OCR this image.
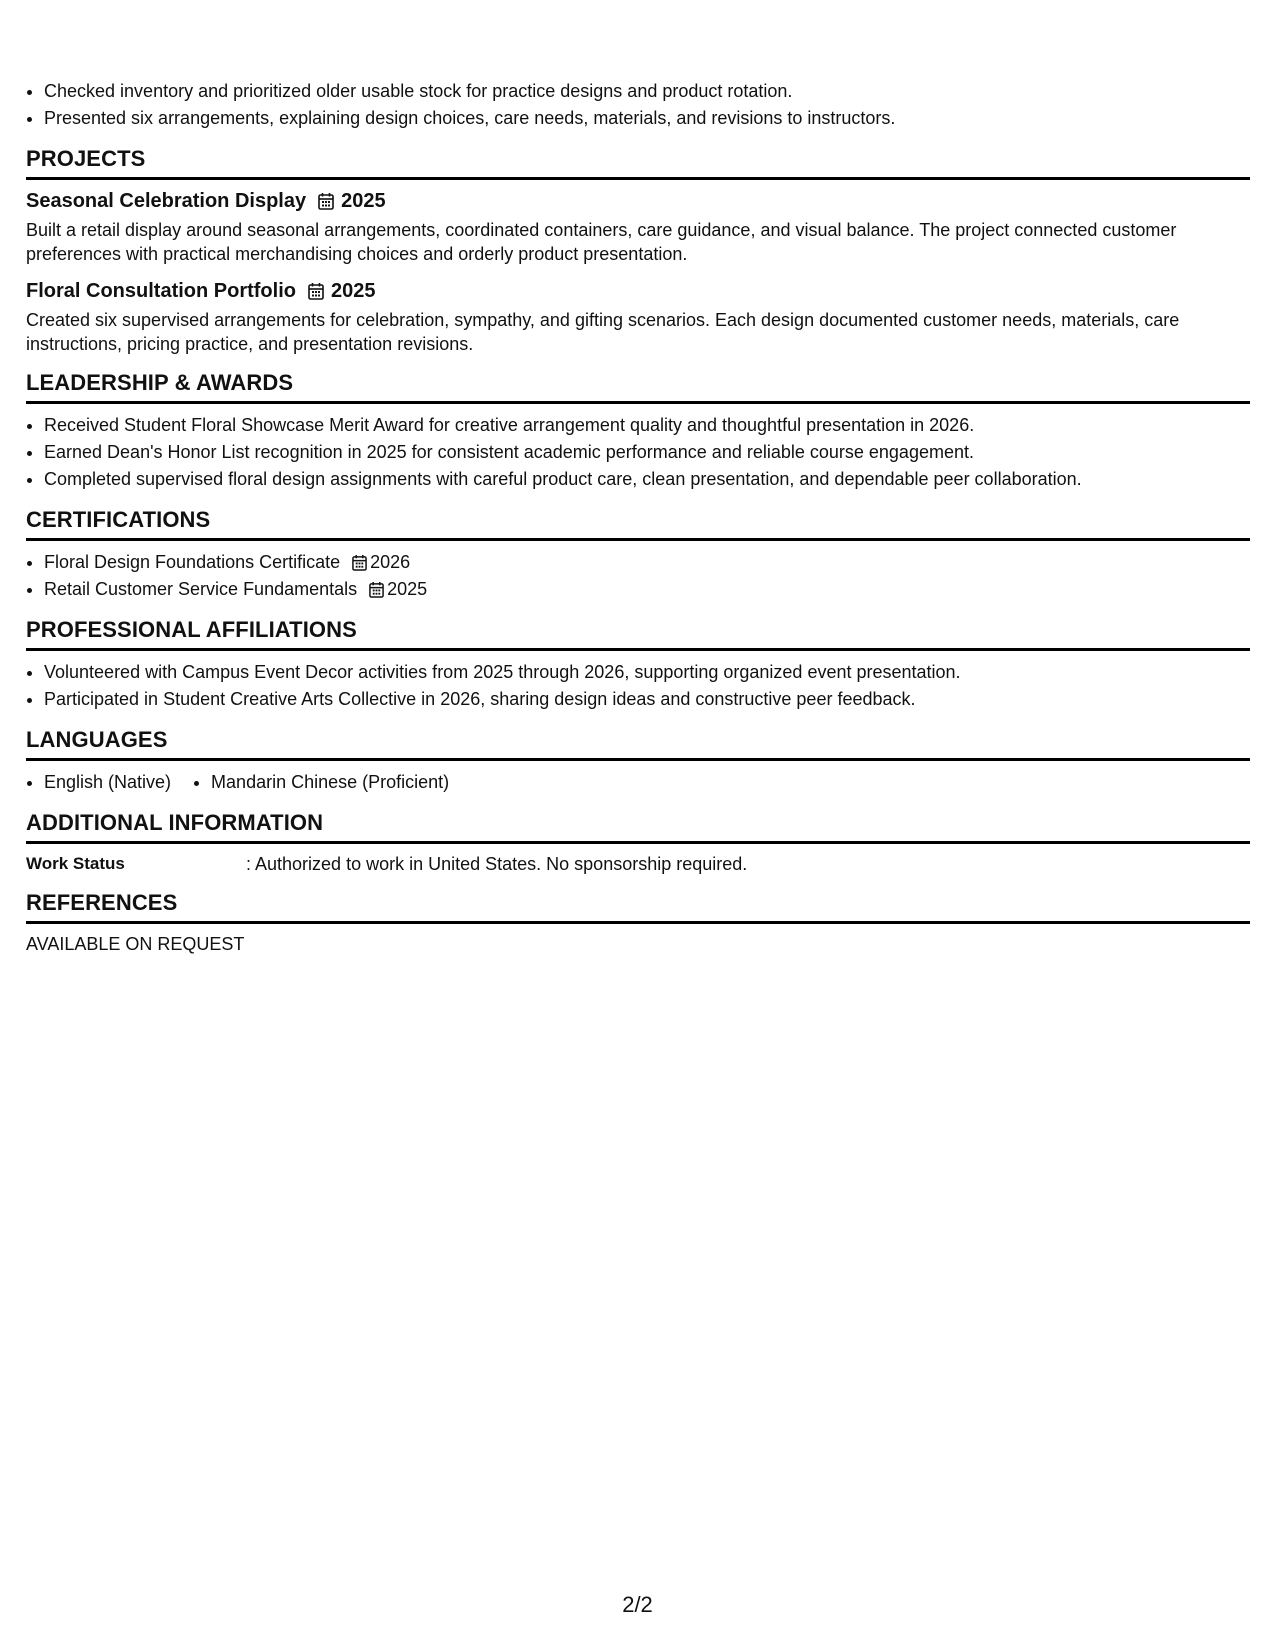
• Checked inventory and prioritized older usable stock for practice designs and product rotation.
• Presented six arrangements, explaining design choices, care needs, materials, and revisions to instructors.
PROJECTS
Seasonal Celebration Display 2025
Built a retail display around seasonal arrangements, coordinated containers, care guidance, and visual balance. The project connected customer preferences with practical merchandising choices and orderly product presentation.
Floral Consultation Portfolio 2025
Created six supervised arrangements for celebration, sympathy, and gifting scenarios. Each design documented customer needs, materials, care instructions, pricing practice, and presentation revisions.
LEADERSHIP & AWARDS
• Received Student Floral Showcase Merit Award for creative arrangement quality and thoughtful presentation in 2026.
• Earned Dean's Honor List recognition in 2025 for consistent academic performance and reliable course engagement.
• Completed supervised floral design assignments with careful product care, clean presentation, and dependable peer collaboration.
CERTIFICATIONS
• Floral Design Foundations Certificate 2026
• Retail Customer Service Fundamentals 2025
PROFESSIONAL AFFILIATIONS
• Volunteered with Campus Event Decor activities from 2025 through 2026, supporting organized event presentation.
• Participated in Student Creative Arts Collective in 2026, sharing design ideas and constructive peer feedback.
LANGUAGES
• English (Native)
• Mandarin Chinese (Proficient)
ADDITIONAL INFORMATION
Work Status	: Authorized to work in United States. No sponsorship required.
REFERENCES
AVAILABLE ON REQUEST
2/2
